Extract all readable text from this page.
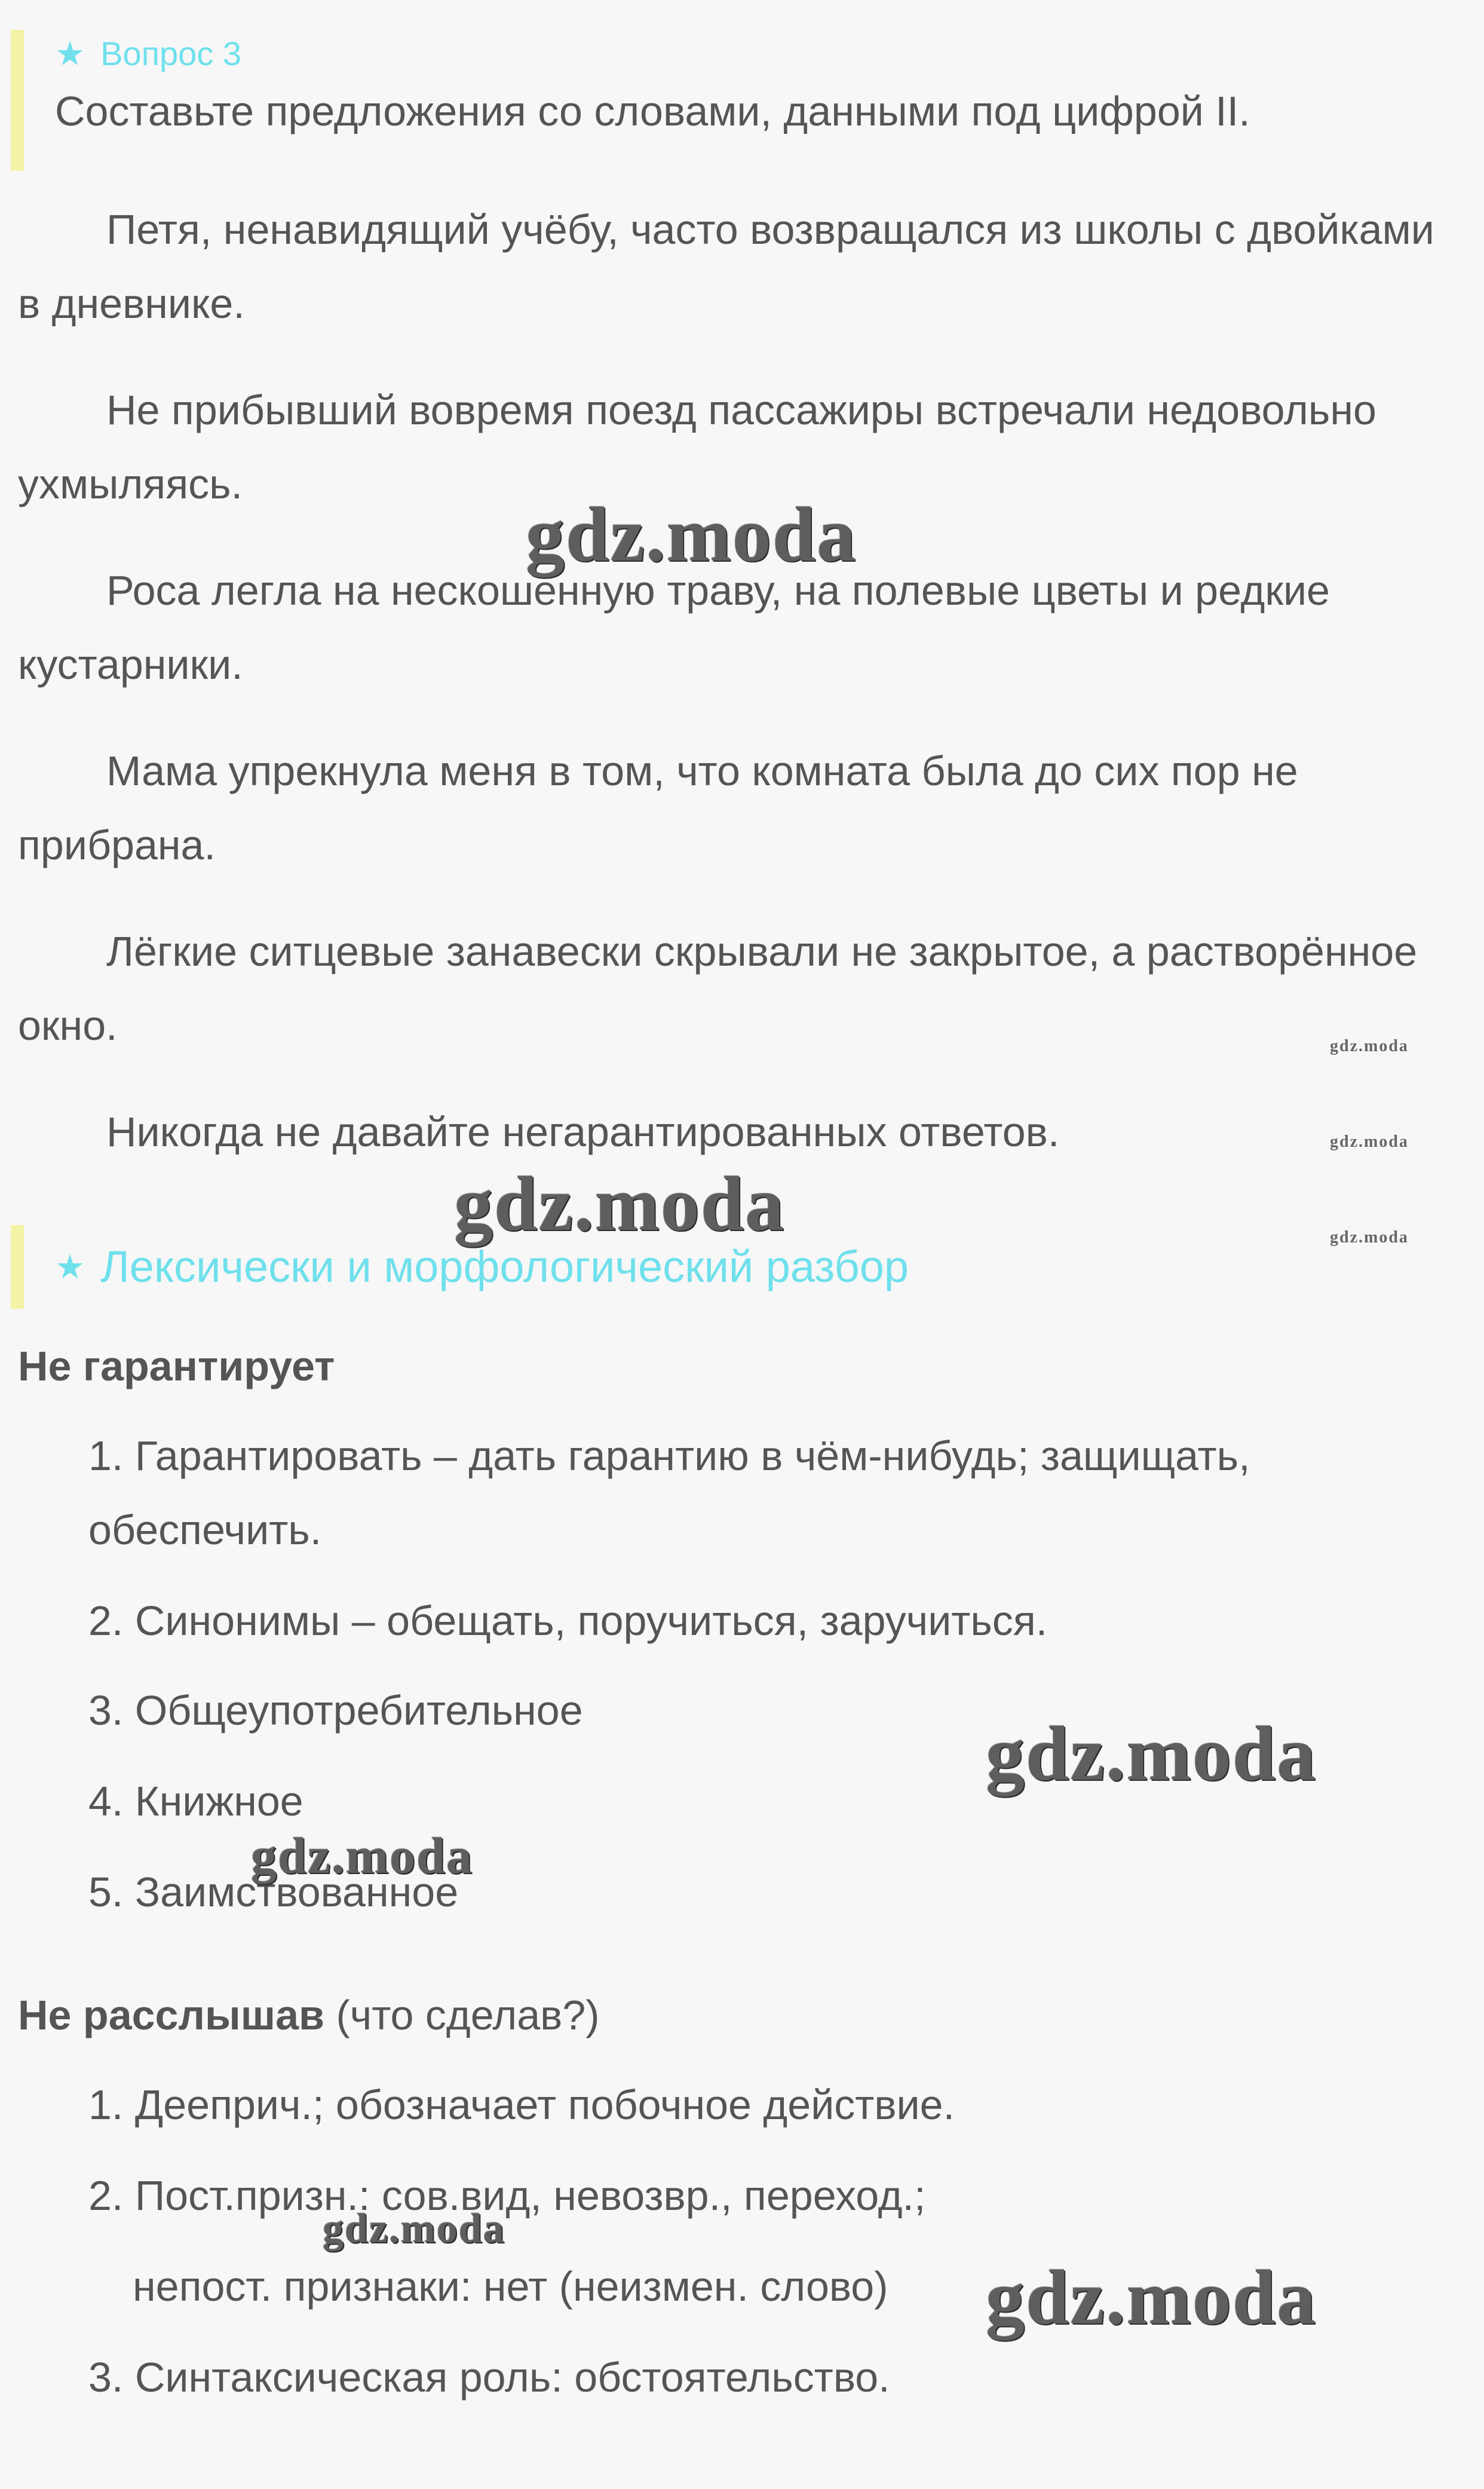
★ Вопрос 3
Составьте предложения со словами, данными под цифрой II.
Петя, ненавидящий учёбу, часто возвращался из школы с двойками в дневнике.
Не прибывший вовремя поезд пассажиры встречали недовольно ухмыляясь.
Роса легла на нескошенную траву, на полевые цветы и редкие кустарники.
Мама упрекнула меня в том, что комната была до сих пор не прибрана.
Лёгкие ситцевые занавески скрывали не закрытое, а растворённое окно.
Никогда не давайте негарантированных ответов.
★ Лексически и морфологический разбор
Не гарантирует
1. Гарантировать – дать гарантию в чём-нибудь; защищать, обеспечить.
2. Синонимы – обещать, поручиться, заручиться.
3. Общеупотребительное
4. Книжное
5. Заимствованное
Не расслышав (что сделав?)
1. Дееприч.; обозначает побочное действие.
2. Пост.призн.: сов.вид, невозвр., переход.;
непост. признаки: нет (неизмен. слово)
3. Синтаксическая роль: обстоятельство.
gdz.moda
gdz.moda
gdz.moda
gdz.moda
gdz.moda
gdz.moda
gdz.moda
gdz.moda
gdz.moda
